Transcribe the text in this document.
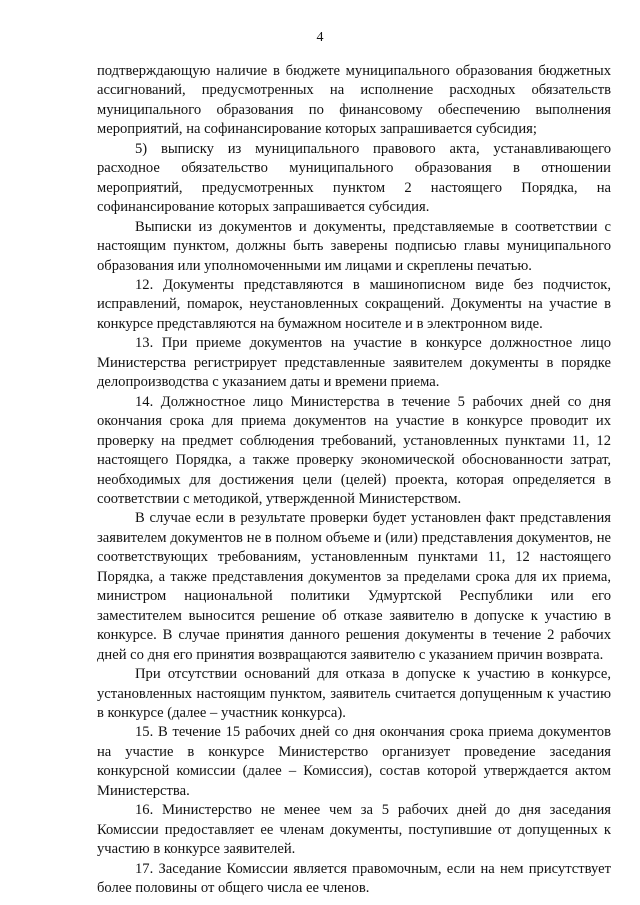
4

подтверждающую наличие в бюджете муниципального образования бюджетных ассигнований, предусмотренных на исполнение расходных обязательств муниципального образования по финансовому обеспечению выполнения мероприятий, на софинансирование которых запрашивается субсидия;

5) выписку из муниципального правового акта, устанавливающего расходное обязательство муниципального образования в отношении мероприятий, предусмотренных пунктом 2 настоящего Порядка, на софинансирование которых запрашивается субсидия.

Выписки из документов и документы, представляемые в соответствии с настоящим пунктом, должны быть заверены подписью главы муниципального образования или уполномоченными им лицами и скреплены печатью.

12. Документы представляются в машинописном виде без подчисток, исправлений, помарок, неустановленных сокращений. Документы на участие в конкурсе представляются на бумажном носителе и в электронном виде.

13. При приеме документов на участие в конкурсе должностное лицо Министерства регистрирует представленные заявителем документы в порядке делопроизводства с указанием даты и времени приема.

14. Должностное лицо Министерства в течение 5 рабочих дней со дня окончания срока для приема документов на участие в конкурсе проводит их проверку на предмет соблюдения требований, установленных пунктами 11, 12 настоящего Порядка, а также проверку экономической обоснованности затрат, необходимых для достижения цели (целей) проекта, которая определяется в соответствии с методикой, утвержденной Министерством.

В случае если в результате проверки будет установлен факт представления заявителем документов не в полном объеме и (или) представления документов, не соответствующих требованиям, установленным пунктами 11, 12 настоящего Порядка, а также представления документов за пределами срока для их приема, министром национальной политики Удмуртской Республики или его заместителем выносится решение об отказе заявителю в допуске к участию в конкурсе. В случае принятия данного решения документы в течение 2 рабочих дней со дня его принятия возвращаются заявителю с указанием причин возврата.

При отсутствии оснований для отказа в допуске к участию в конкурсе, установленных настоящим пунктом, заявитель считается допущенным к участию в конкурсе (далее – участник конкурса).

15. В течение 15 рабочих дней со дня окончания срока приема документов на участие в конкурсе Министерство организует проведение заседания конкурсной комиссии (далее – Комиссия), состав которой утверждается актом Министерства.

16. Министерство не менее чем за 5 рабочих дней до дня заседания Комиссии предоставляет ее членам документы, поступившие от допущенных к участию в конкурсе заявителей.

17. Заседание Комиссии является правомочным, если на нем присутствует более половины от общего числа ее членов.
